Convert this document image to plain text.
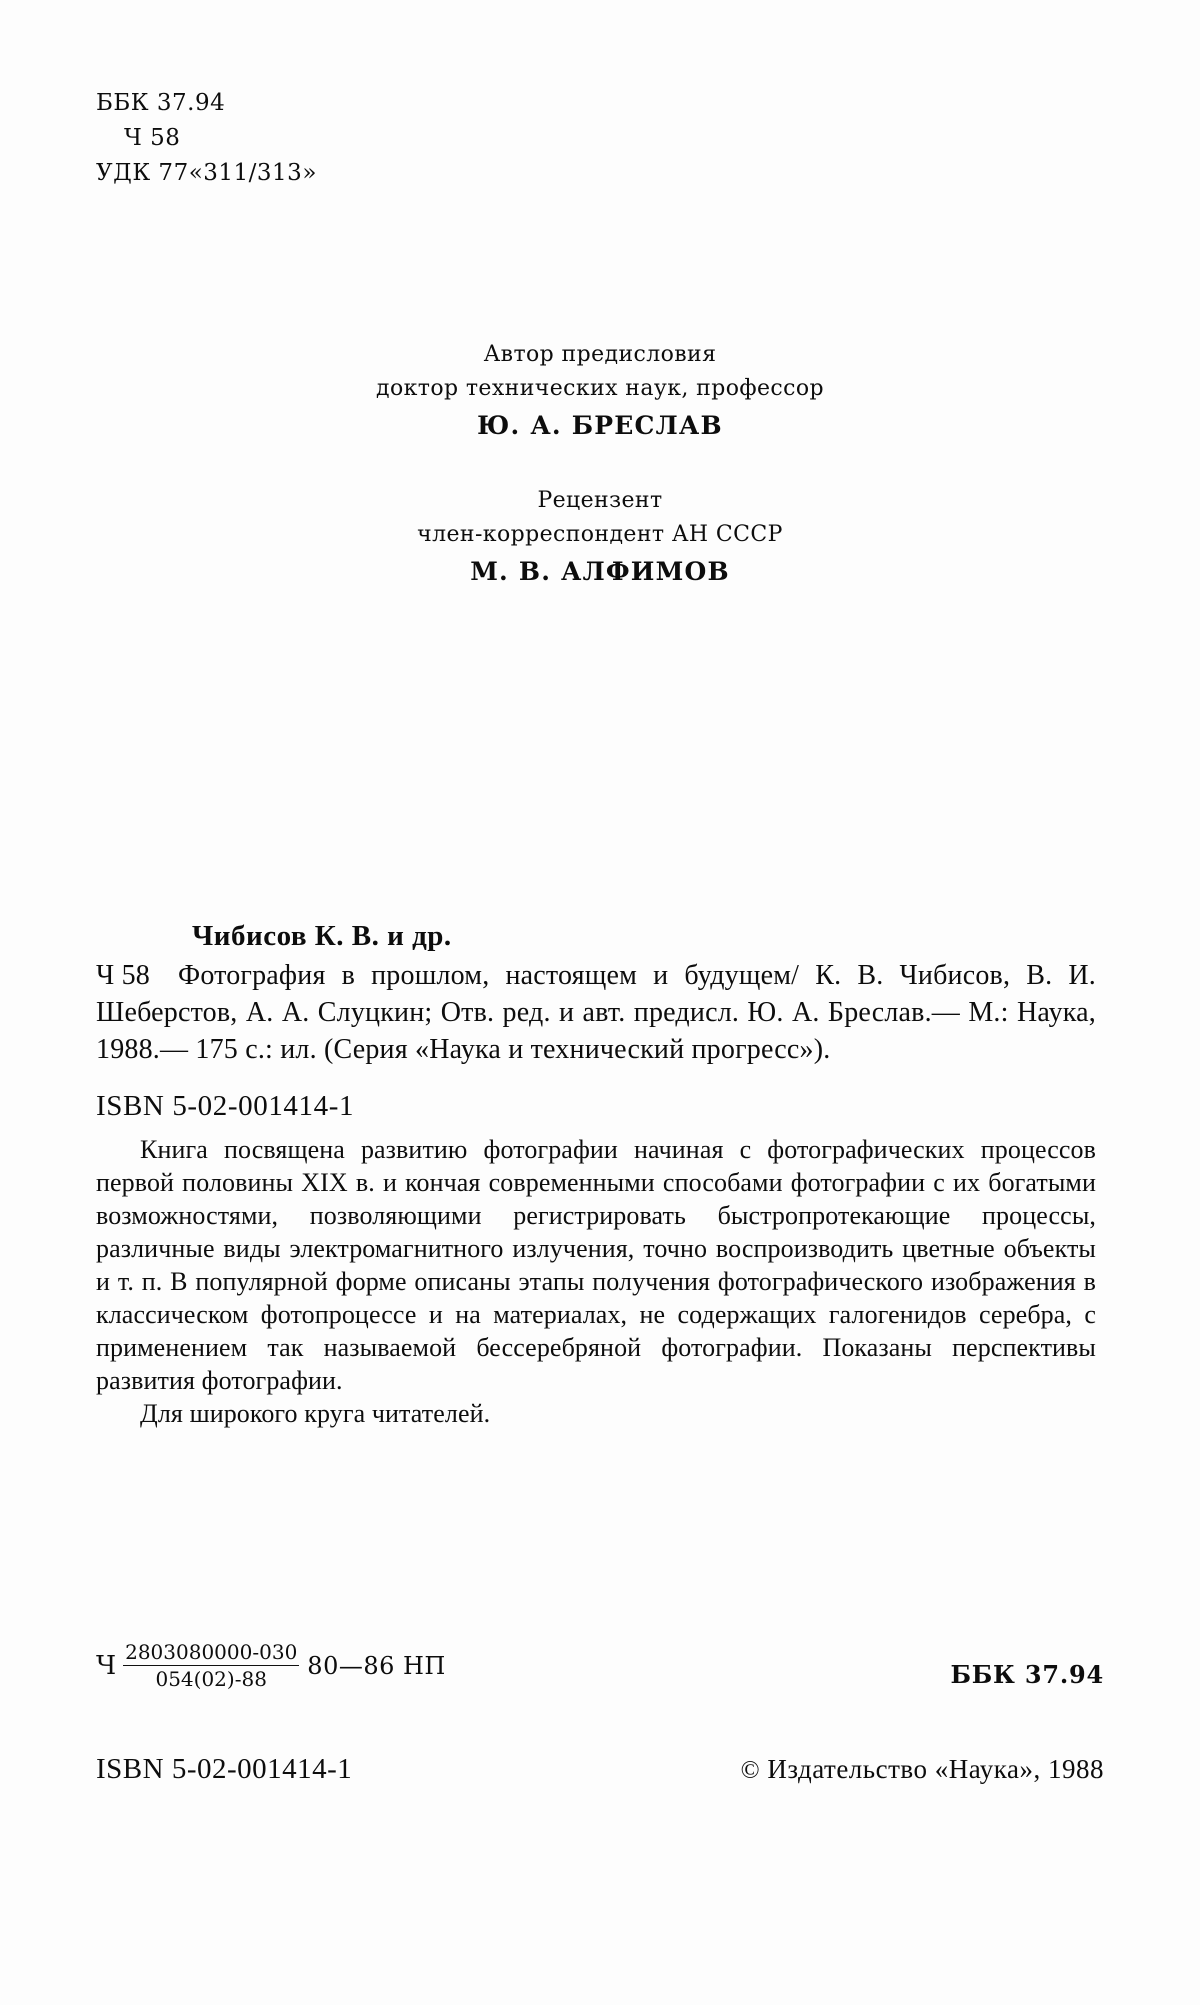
ББК 37.94
Ч 58
УДК 77«311/313»
Автор предисловия
доктор технических наук, профессор
Ю. А. БРЕСЛАВ
Рецензент
член-корреспондент АН СССР
М. В. АЛФИМОВ
Чибисов К. В. и др.
Ч 58 Фотография в прошлом, настоящем и будущем/ К. В. Чибисов, В. И. Шеберстов, А. А. Слуцкин; Отв. ред. и авт. предисл. Ю. А. Бреслав.— М.: Наука, 1988.— 175 с.: ил. (Серия «Наука и технический прогресс»).
ISBN 5-02-001414-1

Книга посвящена развитию фотографии начиная с фотографических процессов первой половины XIX в. и кончая современными способами фотографии с их богатыми возможностями, позволяющими регистрировать быстропротекающие процессы, различные виды электромагнитного излучения, точно воспроизводить цветные объекты и т. п. В популярной форме описаны этапы получения фотографического изображения в классическом фотопроцессе и на материалах, не содержащих галогенидов серебра, с применением так называемой бессеребряной фотографии. Показаны перспективы развития фотографии.

Для широкого круга читателей.

Ч $\frac{2803080000-030}{054(02)-88}$ 80—86 НП	ББК 37.94
ISBN 5-02-001414-1	© Издательство «Наука», 1988
